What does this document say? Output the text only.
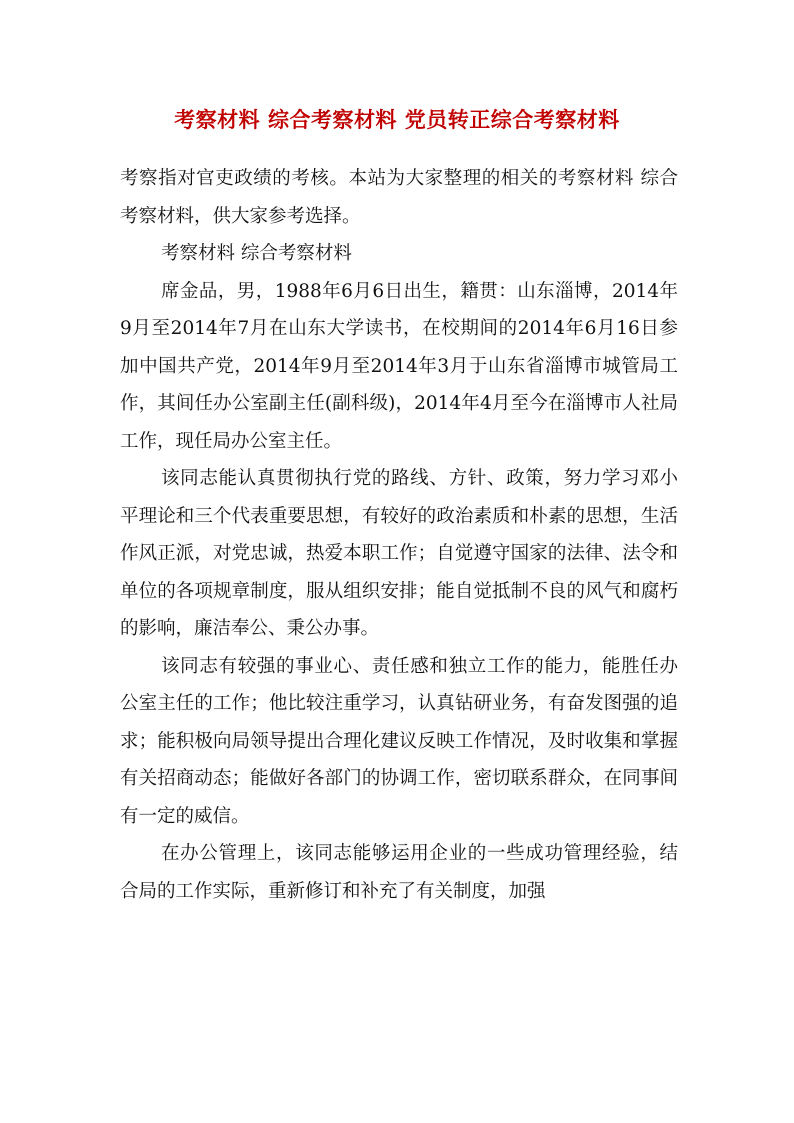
考察材料 综合考察材料 党员转正综合考察材料

考察指对官吏政绩的考核。本站为大家整理的相关的考察材料 综合考察材料，供大家参考选择。

考察材料 综合考察材料

席金品，男，1988年6月6日出生，籍贯：山东淄博，2014年9月至2014年7月在山东大学读书，在校期间的2014年6月16日参加中国共产党，2014年9月至2014年3月于山东省淄博市城管局工作，其间任办公室副主任(副科级)，2014年4月至今在淄博市人社局工作，现任局办公室主任。

该同志能认真贯彻执行党的路线、方针、政策，努力学习邓小平理论和三个代表重要思想，有较好的政治素质和朴素的思想，生活作风正派，对党忠诚，热爱本职工作；自觉遵守国家的法律、法令和单位的各项规章制度，服从组织安排；能自觉抵制不良的风气和腐朽的影响，廉洁奉公、秉公办事。

该同志有较强的事业心、责任感和独立工作的能力，能胜任办公室主任的工作；他比较注重学习，认真钻研业务，有奋发图强的追求；能积极向局领导提出合理化建议反映工作情况，及时收集和掌握有关招商动态；能做好各部门的协调工作，密切联系群众，在同事间有一定的威信。

在办公管理上，该同志能够运用企业的一些成功管理经验，结合局的工作实际，重新修订和补充了有关制度，加强
